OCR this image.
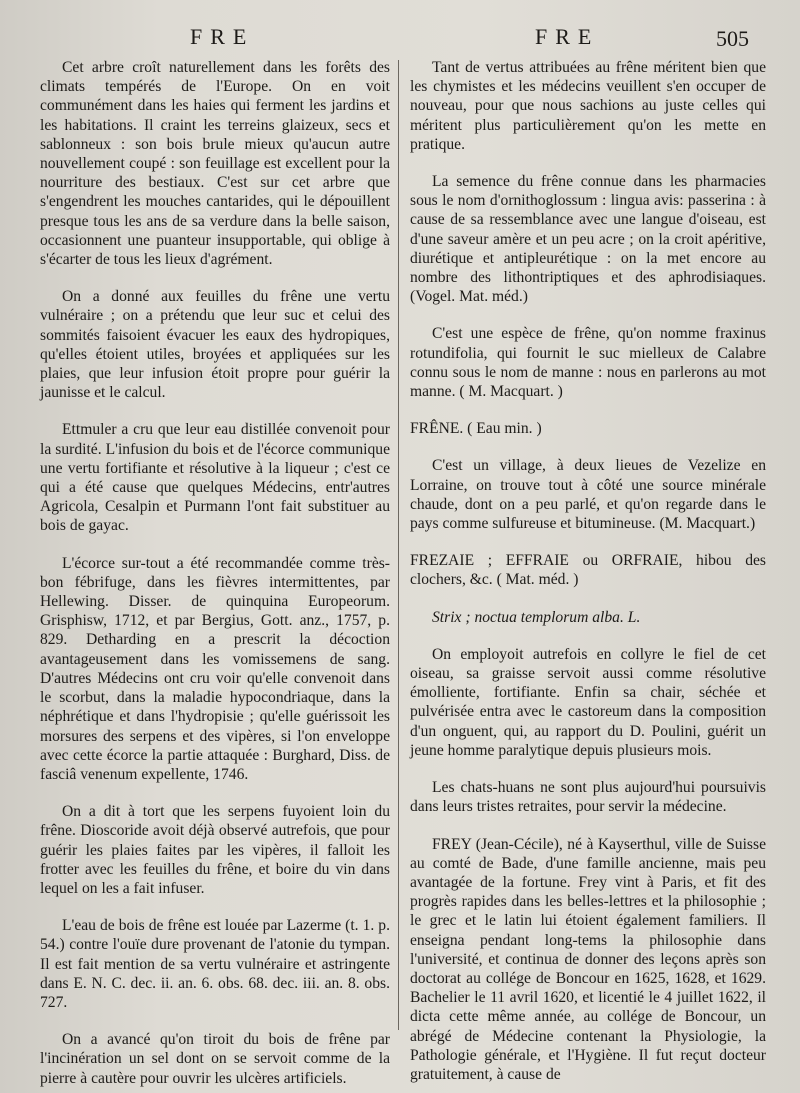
FRE	FRE	505

Cet arbre croît naturellement dans les forêts des climats tempérés de l'Europe. On en voit communément dans les haies qui ferment les jardins et les habitations. Il craint les terreins glaizeux, secs et sablonneux : son bois brule mieux qu'aucun autre nouvellement coupé : son feuillage est excellent pour la nourriture des bestiaux. C'est sur cet arbre que s'engendrent les mouches cantarides, qui le dépouillent presque tous les ans de sa verdure dans la belle saison, occasionnent une puanteur insupportable, qui oblige à s'écarter de tous les lieux d'agrément.

On a donné aux feuilles du frêne une vertu vulnéraire ; on a prétendu que leur suc et celui des sommités faisoient évacuer les eaux des hydropiques, qu'elles étoient utiles, broyées et appliquées sur les plaies, que leur infusion étoit propre pour guérir la jaunisse et le calcul.

Ettmuler a cru que leur eau distillée convenoit pour la surdité. L'infusion du bois et de l'écorce communique une vertu fortifiante et résolutive à la liqueur ; c'est ce qui a été cause que quelques Médecins, entr'autres Agricola, Cesalpin et Purmann l'ont fait substituer au bois de gayac.

L'écorce sur-tout a été recommandée comme très-bon fébrifuge, dans les fièvres intermittentes, par Hellewing. Disser. de quinquina Europeorum. Grisphisw, 1712, et par Bergius, Gott. anz., 1757, p. 829. Detharding en a prescrit la décoction avantageusement dans les vomissemens de sang. D'autres Médecins ont cru voir qu'elle convenoit dans le scorbut, dans la maladie hypocondriaque, dans la néphrétique et dans l'hydropisie ; qu'elle guérissoit les morsures des serpens et des vipères, si l'on enveloppe avec cette écorce la partie attaquée : Burghard, Diss. de fasciâ venenum expellente, 1746.

On a dit à tort que les serpens fuyoient loin du frêne. Dioscoride avoit déjà observé autrefois, que pour guérir les plaies faites par les vipères, il falloit les frotter avec les feuilles du frêne, et boire du vin dans lequel on les a fait infuser.

L'eau de bois de frêne est louée par Lazerme (t. 1. p. 54.) contre l'ouïe dure provenant de l'atonie du tympan. Il est fait mention de sa vertu vulnéraire et astringente dans E. N. C. dec. ii. an. 6. obs. 68. dec. iii. an. 8. obs. 727.

On a avancé qu'on tiroit du bois de frêne par l'incinération un sel dont on se servoit comme de la pierre à cautère pour ouvrir les ulcères artificiels.

Tant de vertus attribuées au frêne méritent bien que les chymistes et les médecins veuillent s'en occuper de nouveau, pour que nous sachions au juste celles qui méritent plus particulièrement qu'on les mette en pratique.

La semence du frêne connue dans les pharmacies sous le nom d'ornithoglossum : lingua avis: passerina : à cause de sa ressemblance avec une langue d'oiseau, est d'une saveur amère et un peu acre ; on la croit apéritive, diurétique et antipleurétique : on la met encore au nombre des lithontriptiques et des aphrodisiaques. (Vogel. Mat. méd.)

C'est une espèce de frêne, qu'on nomme fraxinus rotundifolia, qui fournit le suc mielleux de Calabre connu sous le nom de manne : nous en parlerons au mot manne. ( M. Macquart. )

FRÊNE. ( Eau min. )

C'est un village, à deux lieues de Vezelize en Lorraine, on trouve tout à côté une source minérale chaude, dont on a peu parlé, et qu'on regarde dans le pays comme sulfureuse et bitumineuse. (M. Macquart.)

FREZAIE ; EFFRAIE ou ORFRAIE, hibou des clochers, &c. ( Mat. méd. )

Strix ; noctua templorum alba. L.

On employoit autrefois en collyre le fiel de cet oiseau, sa graisse servoit aussi comme résolutive émolliente, fortifiante. Enfin sa chair, séchée et pulvérisée entra avec le castoreum dans la composition d'un onguent, qui, au rapport du D. Poulini, guérit un jeune homme paralytique depuis plusieurs mois.

Les chats-huans ne sont plus aujourd'hui poursuivis dans leurs tristes retraites, pour servir la médecine.

FREY (Jean-Cécile), né à Kayserthul, ville de Suisse au comté de Bade, d'une famille ancienne, mais peu avantagée de la fortune. Frey vint à Paris, et fit des progrès rapides dans les belles-lettres et la philosophie ; le grec et le latin lui étoient également familiers. Il enseigna pendant long-tems la philosophie dans l'université, et continua de donner des leçons après son doctorat au collége de Boncour en 1625, 1628, et 1629. Bachelier le 11 avril 1620, et licentié le 4 juillet 1622, il dicta cette même année, au collége de Boncour, un abrégé de Médecine contenant la Physiologie, la Pathologie générale, et l'Hygiène. Il fut reçut docteur gratuitement, à cause de
